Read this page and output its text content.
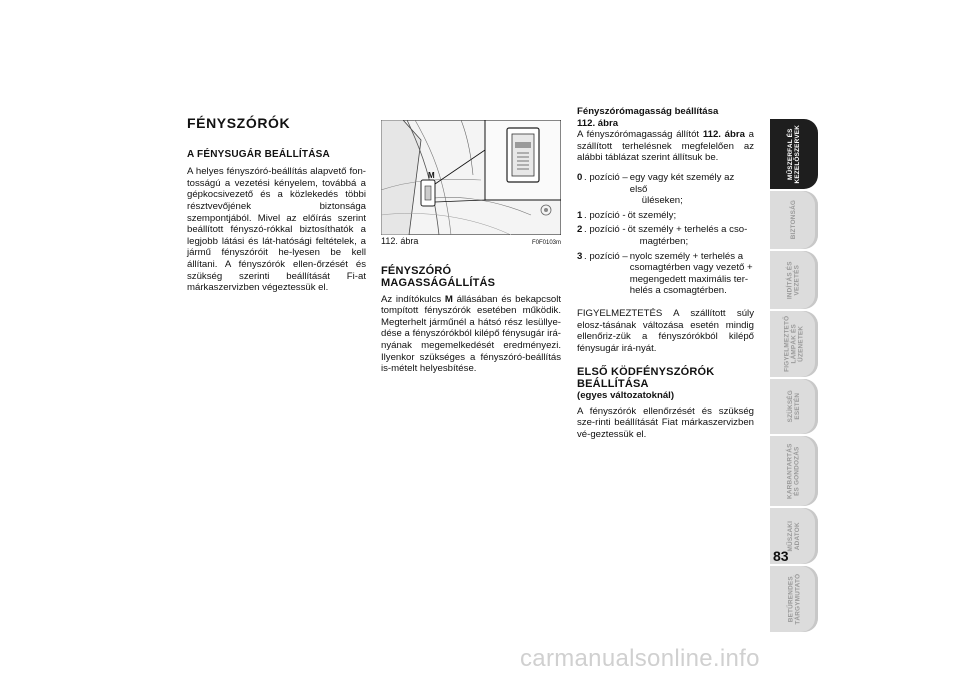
FÉNYSZÓRÓK
A FÉNYSUGÁR BEÁLLÍTÁSA

A helyes fényszóró-beállítás alapvető fon-tosságú a vezetési kényelem, továbbá a gépkocsivezető és a közlekedés többi résztvevőjének biztonsága szempontjából. Mivel az előírás szerint beállított fényszó-rókkal biztosíthatók a legjobb látási és lát-hatósági feltételek, a jármű fényszóróit he-lyesen be kell állítani. A fényszórók ellen-őrzését és szükség szerinti beállítását Fi-at márkaszervizben végeztessük el.

M
112. ábra	F0F0103m
FÉNYSZÓRÓ
MAGASSÁGÁLLÍTÁS

Az indítókulcs M állásában és bekapcsolt tompított fényszórók esetében működik. Megterhelt járműnél a hátsó rész lesüllye-dése a fényszórókból kilépő fénysugár irá-nyának megemelkedését eredményezi. Ilyenkor szükséges a fényszóró-beállítás is-mételt helyesbítése.

Fényszórómagasság beállítása
112. ábra

A fényszórómagasság állítót 112. ábra a szállított terhelésnek megfelelően az alábbi táblázat szerint állítsuk be.

0 . pozíció – egy vagy két személy az első
üléseken;
1 . pozíció - öt személy;
2 . pozíció - öt személy + terhelés a cso-
magtérben;
3 . pozíció – nyolc személy + terhelés a
csomagtérben vagy vezető +
megengedett maximális ter-
helés a csomagtérben.

FIGYELMEZTETÉS A szállított súly elosz-tásának változása esetén mindig ellenőriz-zük a fényszórókból kilépő fénysugár irá-nyát.

ELSŐ KÖDFÉNYSZÓRÓK
BEÁLLÍTÁSA
(egyes változatoknál)

A fényszórók ellenőrzését és szükség sze-rinti beállítását Fiat márkaszervizben vé-geztessük el.

MŰSZERFAL ÉS
KEZELŐSZERVEK
BIZTONSÁG
INDÍTÁS ÉS
VEZETÉS
FIGYELMEZTETŐ
LÁMPÁK ÉS
ÜZENETEK
SZÜKSÉG
ESETÉN
KARBANTARTÁS
ÉS GONDOZÁS
MŰSZAKI
ADATOK
BETŰRENDES
TÁRGYMUTATÓ
83
carmanualsonline.info
